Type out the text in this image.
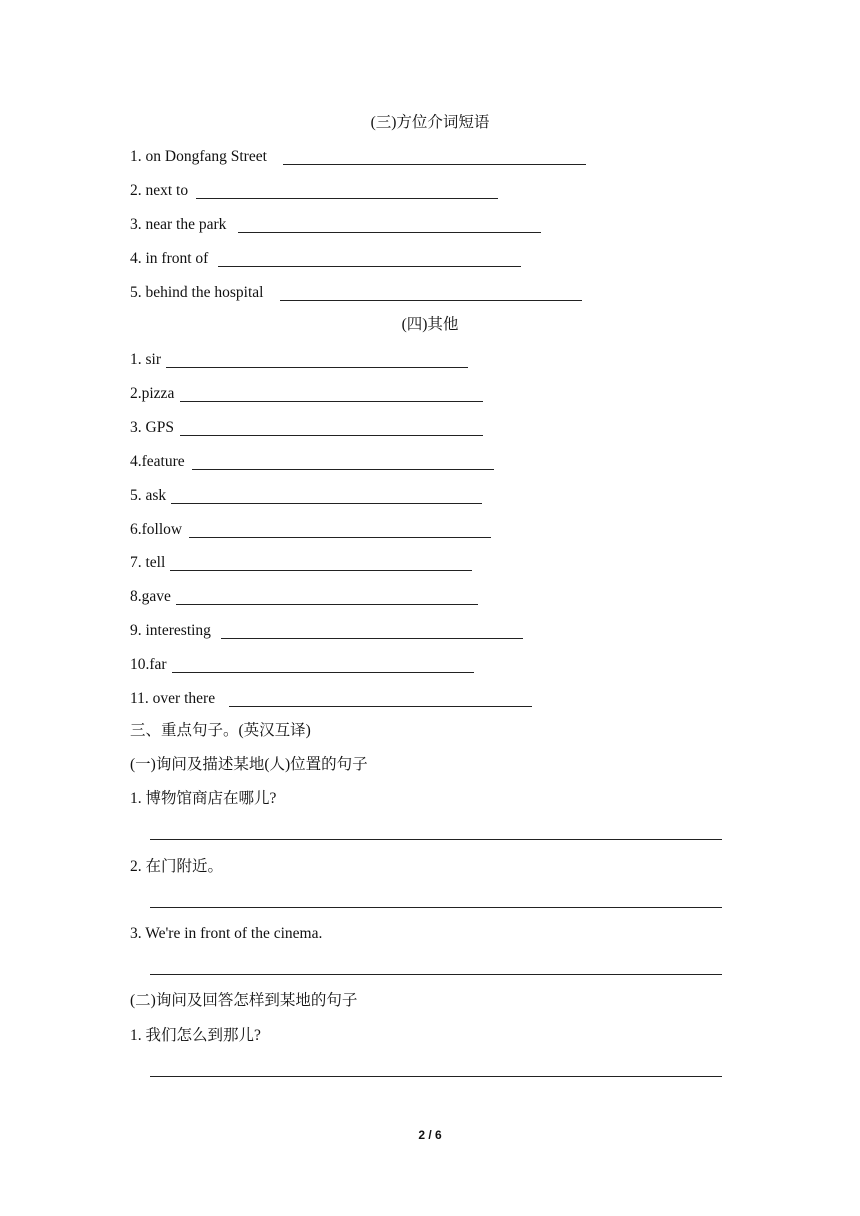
(三)方位介词短语
1. on Dongfang Street
2. next to
3. near the park
4. in front of
5. behind the hospital
(四)其他
1. sir
2.pizza
3. GPS
4.feature
5. ask
6.follow
7. tell
8.gave
9. interesting
10.far
11. over there
三、重点句子。(英汉互译)
(一)询问及描述某地(人)位置的句子
1. 博物馆商店在哪儿?
2. 在门附近。
3. We're in front of the cinema.
(二)询问及回答怎样到某地的句子
1. 我们怎么到那儿?
2 / 6
